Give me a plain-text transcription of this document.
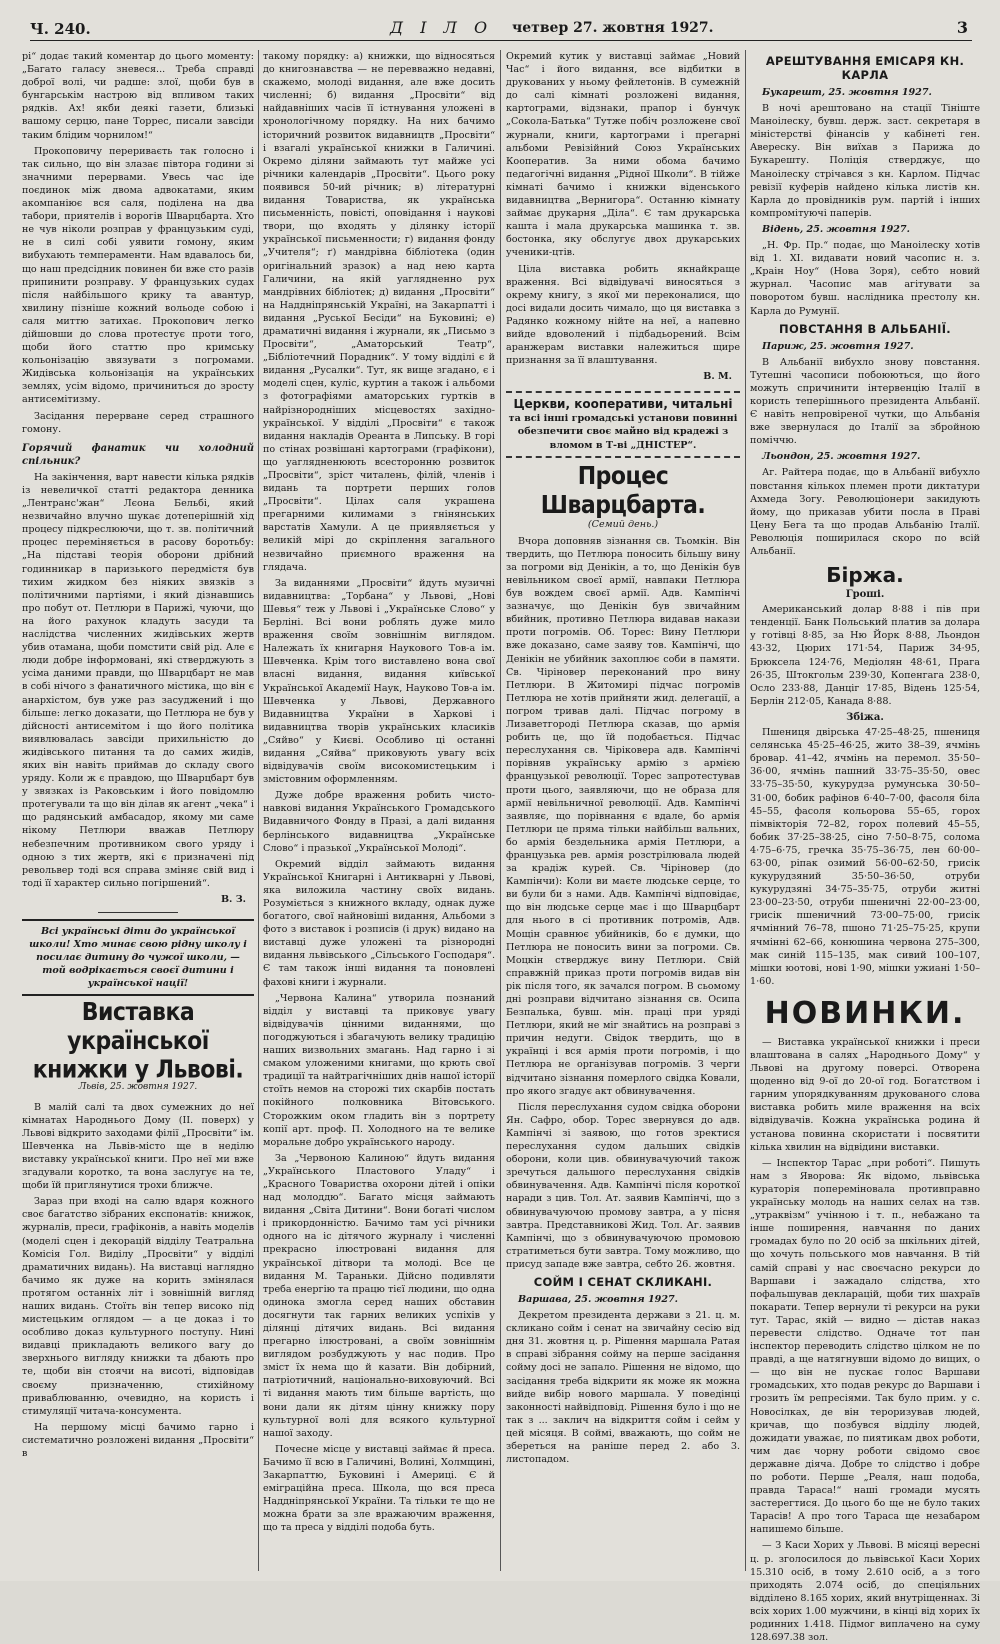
Ч. 240.	Д І Л О четвер 27. жовтня 1927.	3

рі“ додає такий коментар до цього моменту: „Багато галасу зневеся... Треба справді доброї волі, чи радше: злої, щоби був в бунгарськім настрою від впливом таких рядків. Ах! якби деякі газети, близькі вашому серцю, пане Торрес, писали завсіди таким блідим чорнилом!“

Прокоповичу перериваєть так голосно і так сильно, що він злазає півтора години зі значними перервами. Увесь час іде поєдинок між двома адвокатами, яким акомпаніює вся саля, поділена на два табори, приятелів і ворогів Шварцбарта. Хто не чув ніколи розправ у французьким суді, не в силі собі уявити гомону, яким вибухають темпераменти. Нам вдавалось би, що наш предсідник повинен би вже сто разів припинити розправу. У французьких судах після найбільшого крику та авантур, хвилину пізніше кожний вольоде собою і саля миттю затихає. Прокопович легко дійшовши до слова протестує проти того, щоби його статтю про кримську кольонізацію звязувати з погромами. Жидівська кольонізація на українських землях, усім відомо, причиниться до зросту антисемітизму.

Засідання перерване серед страшного гомону.

Горячий фанатик чи холодний спільник?

На закінчення, варт навести кілька рядків із невеличкої статті редактора денника „Лентранс'жан“ Лєона Бельбі, який незвичайно влучно шукає дотеперішній хід процесу підкреслюючи, що т. зв. політичний процес переміняється в расову боротьбу: „На підставі теорія оборони дрібний годинникар в паризького передмістя був тихим жидком без ніяких звязків з політичними партіями, і який дізнавшись про побут от. Петлюри в Парижі, чуючи, що на його рахунок кладуть засуди та наслідства численних жидівських жертв убив отамана, щоби помстити свій рід. Але є люди добре інформовані, які стверджують з усіма даними правди, що Шварцбарт не мав в собі нічого з фанатичного містика, що він є анархістом, був уже раз засуджений і що більше: легко доказати, що Петлюра не був у дійсності антисемітом і що його політика виявлювалась завсіди прихильністю до жидівського питання та до самих жидів, яких він навіть приймав до складу свого уряду. Коли ж є правдою, що Шварцбарт був у звязках із Раковським і його повідомлю протегували та що він ділав як агент „чека“ і що радянський амбасадор, якому ми саме нікому Петлюри вважав Петлюру небезпечним противником свого уряду і одною з тих жертв, які є призначені під револьвер тоді вся справа зміняє свій вид і тоді її характер сильно погіршений“.

В. З.
Всі українські діти до української школи! Хто минає свою рідну школу і посилає дитину до чужої школи, — той водрікається своєї дитини і української нації!
Виставка української книжки у Львові.
Львів, 25. жовтня 1927.

В малій салі та двох сумежних до неї кімнатах Народнього Дому (II. поверх) у Львові відкрито заходами філії „Просвіти“ ім. Шевченка на Львів-місто ще в неділю виставку української книги. Про неї ми вже згадували коротко, та вона заслугує на те, щоби їй приглянутися трохи ближче.

Зараз при вході на салю вдаря кожного своє багатство зібраних експонатів: книжок, журналів, преси, графіконів, а навіть моделів (моделі сцен і декорацій відділу Театральна Комісія Гол. Виділу „Просвіти“ у відділі драматичних видань). На виставці наглядно бачимо як дуже на корить змінялася протягом останніх літ і зовнішній вигляд наших видань. Стоїть він тепер високо під мистецьким оглядом — а це доказ і то особливо доказ культурного поступу. Нині видавці прикладають великого вагу до зверхнього вигляду книжки та дбають про те, щоби він стоячи на висоті, відповідав своєму призначенню, стихійному приваблюванню, очевидно, на користь і стимуляції читача-консумента.

На першому місці бачимо гарно і систематично розложені видання „Просвіти“ в

такому порядку: а) книжки, що відносяться до книгознавства — не перевважно недавні, скажемо, молоді видання, але вже досить численні; б) видання „Просвіти“ від найдавніших часів її істнування уложені в хронологічному порядку. На них бачимо історичний розвиток видавництв „Просвіти“ і взагалі української книжки в Галичині. Окремо діляни займають тут майже усі річники календарів „Просвіти“. Цього року появився 50-ий річник; в) літературні видання Товариства, як українська письменність, повісті, оповідання і наукові твори, що входять у ділянку історії української письменности; г) видання фонду „Учителя“; ґ) мандрівна бібліотека (один оригінальний зразок) а над нею карта Галичини, на якій уаглядненно рух мандрівних бібліотек; д) видання „Просвіти“ на Наддніпрянській Україні, на Закарпатті і видання „Руської Бесіди“ на Буковині; е) драматичні видання і журнали, як „Письмо з Просвіти“, „Аматорський Театр“, „Бібліотечний Порадник“. У тому відділі є й видання „Русалки“. Тут, як вище згадано, є і моделі сцен, куліс, куртин а також і альбоми з фотографіями аматорських гуртків в найрізнородніших місцевостях західно-української. У відділі „Просвіти“ є також видання накладів Ореанта в Липську. В горі по стінах розвішані картограми (графікони), що уаглядненюють всесторонню розвиток „Просвіти“, зріст читалень, філій, членів і видань та портрети перших голов „Просвіти“. Цілах саля украшена прегарними килимами з гнінянських варстатів Хамули. А це приявляється у великій мірі до скріплення загального незвичайно приємного враження на глядача.

За виданнями „Просвіти“ йдуть музичні видавництва: „Торбана“ у Львові, „Нові Шевья“ теж у Львові і „Українське Слово“ у Берліні. Всі вони роблять дуже мило враження своїм зовнішнім виглядом. Належать їх книгарня Наукового Тов-а ім. Шевченка. Крім того виставлено вона свої власні видання, видання київської Української Академії Наук, Науково Тов-а ім. Шевченка у Львові, Державного Видавництва України в Харкові і видавництва творів українських класиків „Сяйво“ у Києві. Особливо ці останні видання „Сяйва“ приковують увагу всіх відвідувачів своїм високомистецьким і змістовним оформленням.

Дуже добре враження робить чисто-навкові видання Українського Громадського Видавничого Фонду в Празі, а далі видання берлінського видавництва „Українське Слово“ і празької „Української Молоді“.

Окремий відділ займають видання Української Книгарні і Антикварні у Львові, яка виложила частину своїх видань. Розуміється з книжного вкладу, однак дуже богатого, свої найновіші видання, Альбоми з фото з виставок і розписів (і друк) видано на виставці дуже уложені та різнородні видання львівського „Сільського Господаря“. Є там також інші видання та поновлені фахові книги і журнали.

„Червона Калина“ утворила познаний відділ у виставці та приковує увагу відвідувачів цінними виданнями, що погоджуються і збагачують велику традицію наших визвольних змагань. Над гарно і зі смаком уложеними книгами, що крють свої традиції та найтрагічніших днів нашої історії стоїть немов на сторожі тих скарбів постать покійного полковника Вітовського. Сторожким оком гладить він з портрету копії арт. проф. П. Холодного на те велике моральне добро українського народу.

За „Червоною Калиною“ йдуть видання „Українського Пластового Уладу“ і „Красного Товариства охорони дітей і опіки над молоддю“. Багато місця займають видання „Світа Дитини“. Вони богаті числом і прикордонністю. Бачимо там усі річники одного на іс дітячого журналу і численні прекрасно ілюстровані видання для української дітвори та молоді. Все це видання М. Тараньки. Дійсно подивляти треба енергію та працю тієї людини, що одна одинока змогла серед наших обставин досягнути так гарних великих успіхів у ділянці дітячих видань. Всі видання прегарно ілюстровані, а своїм зовнішнім виглядом розбуджують у нас подив. Про зміст їх нема що й казати. Він добірний, патріотичний, національно-виховуючий. Всі ті видання мають тим більше вартість, що вони дали як дітям цінну книжку пору культурної волі для всякого культурної нашої заходу.

Почесне місце у виставці займає й преса. Бачимо її всю в Галичині, Волині, Холмщині, Закарпаттю, Буковині і Америці. Є й еміграційна преса. Школа, що вся преса Наддніпрянської України. Та тільки те що не можна брати за зле вражаючим враження, що та преса у відділі подоба буть.

Окремий кутик у виставці займає „Новий Час“ і його видання, все відбитки в друкованих у ньому фейлетонів. В сумежній до салі кімнаті розложені видання, картограми, відзнаки, прапор і бунчук „Сокола-Батька“ Тутже побіч розложене свої журнали, книги, картограми і прегарні альбоми Ревізійний Союз Українських Кооператив. За ними обома бачимо педагогічні видання „Рідної Школи“. В тійже кімнаті бачимо і книжки віденського видавництва „Вернигора“. Останню кімнату займає друкарня „Діла“. Є там друкарська каштa і мала друкарська машинка т. зв. бостонка, яку обслугує двох друкарських ученики-цтів.

Ціла виставка робить якнайкраще враження. Всі відвідувачі виносяться з окрему книгу, з якої ми переконалися, що досі видали досить чимало, що ця виставка з Радянко кожному нійте на неї, а напевно вийде вдоволений і підбадьорений. Всім аранжерам виставки належиться щире признання за її влаштування.

В. М.
Церкви, кооперативи, читальні
та всі інші громадські установи повинні обезпечити своє майно від крадежі з вломом в Т-ві „ДНІСТЕР“.
Процес Шварцбарта.
(Семий день.)

Вчора доповняв зізнання св. Тьомкін. Він твердить, що Петлюра поносить більшу вину за погроми від Денікін, а то, що Денікін був невільником своєї армії, навпаки Петлюра був вождем своєї армії. Адв. Кампінчі зазначує, що Денікін був звичайним вбийник, противно Петлюра видавав накази проти погромів. Об. Торес: Вину Петлюри вже доказано, саме заяву тов. Кампінчі, що Денікін не убийник захоплює соби в памяти. Св. Чіріновер переконаний про вину Петлюри. В Житомирі підчас погромів Петлюра не хотів прийняти жид. делегації, а погром тривав далі. Підчас погрому в Лизаветгороді Петлюра сказав, що армія робить це, що їй подобається. Підчас переслухання св. Чіріковера адв. Кампінчі порівняв українську армію з армією французької революції. Торес запротестував проти цього, заявляючи, що не образа для армії невільничної революції. Адв. Кампінчі заявляє, що порівнання є вдале, бо армія Петлюри це пряма тільки найбільш вальних, бо армія бездельника армія Петлюри, а французька рев. армія розстрілювала людей за крадіж курей. Св. Чіріновер (до Кампінчи): Коли ви маєте людське серце, то ви були би з нами. Адв. Кампінчі відповідає, що він людське серце має і що Шварцбарт для нього в сі противник потромів, Адв. Мощін сравнює убийників, бо є думки, що Петлюра не поносить вини за погроми. Св. Моцкін стверджує вину Петлюри. Свій справжній приказ проти погромів видав він рік після того, як зачался погром. В сьомому дні розправи відчитано зізнання св. Осипа Безпалька, бувш. мін. праці при уряді Петлюри, який не міг знайтись на розправі з причин недуги. Свідок твердить, що в українці і вся армія проти погромів, і що Петлюра не організував погромів. З черги відчитано зізнання померлого свідка Ковали, про якого згадує акт обвинувачення.

Після переслухання судом свідка оборони Ян. Сафро, обор. Торес звернувся до адв. Кампінчі зі заявою, що готов зректися переслухання судом дальших свідків оборони, коли цив. обвинувачуючий також зречуться дальшого переслухання свідків обвинувачення. Адв. Кампінчі після короткої наради з цив. Тол. Ат. заявив Кампінчі, що з обвинувачуючою промову завтра, а у пісня завтра. Представниковi Жид. Тол. Аг. заявив Кампінчі, що з обвинувачуючою промовою стратиметься бути завтра. Тому можливо, що присуд западе вже завтра, себто 26. жовтня.

СОЙМ І СЕНАТ СКЛИКАНІ.

Варшава, 25. жовтня 1927.

Декретом президента держави з 21. ц. м. скликано сойм і сенат на звичайну сесію від дня 31. жовтня ц. р. Рішення маршала Ратая в справі зібрання сойму на перше засідання сойму досі не запало. Рішення не відомо, що засідання треба відкрити як може як можна вийде вибір нового маршала. У поведінці законності найвідповід. Рішення було і що не так з ... заклич на відкриття сойм і сейм у цей місяця. В соймі, вважають, що сойм не збереться на раніше перед 2. або 3. листопадом.

АРЕШТУВАННЯ ЕМІСАРЯ КН. КАРЛА

Букарешт, 25. жовтня 1927.

В ночі арештовано на стації Тініште Маноілеску, бувш. держ. заст. секретаря в міністерстві фінансів у кабінеті ген. Авереску. Він виїхав з Парижа до Букарешту. Поліція стверджує, що Маноілеску стрічався з кн. Карлом. Підчас ревізії куферів найдено кілька листів кн. Карла до провідників рум. партій і інших компромітуючі паперів.

Відень, 25. жовтня 1927.

„Н. Фр. Пр.“ подає, що Маноілеску хотів від 1. XI. видавати новий часопис н. з. „Краін Ноу“ (Нова Зоря), себто новий журнал. Часопис мав агітувати за поворотом бувш. наслідника престолу кн. Карла до Румунії.

ПОВСТАННЯ В АЛЬБАНІЇ.

Париж, 25. жовтня 1927.

В Альбанії вибухло знову повстання. Тутешні часописи побоюються, що його можуть спричинити інтервенцію Італії в користь теперішнього президента Альбанії. Є навіть непровіреної чутки, що Альбанія вже звернулася до Італії за збройною поміччю.

Льондон, 25. жовтня 1927.

Аг. Райтера подає, що в Альбанії вибухло повстання кількох племен проти диктатури Ахмеда Зогу. Революціонери закидують йому, що приказав убити посла в Праві Цену Бега та що продав Альбанію Італії. Революція поширилася скоро по всій Альбанії.

Біржа.
Гроші.

Американський долар 8·88 і пів при тенденції. Банк Польський платив за долара у готівці 8·85, за Ню Йорк 8·88, Льондон 43·32, Цюрих 171·54, Париж 34·95, Брюксела 124·76, Медіолян 48·61, Прага 26·35, Штокгольм 239·30, Копенгага 238·0, Осло 233·88, Данціг 17·85, Відень 125·54, Берлін 212·05, Канада 8·88.

Збіжа.

Пшениця двірська 47·25–48·25, пшениця селянська 45·25–46·25, жито 38–39, ячмінь бровар. 41–42, ячмінь на перемол. 35·50–36·00, ячмінь пашний 33·75–35·50, овес 33·75–35·50, кукурудза румунська 30·50–31·00, бобик рафінов 6·40–7·00, фасоля біла 45–55, фасоля кольорова 55–65, горох пімвікторія 72–82, горох полевий 45–55, бобик 37·25–38·25, сіно 7·50–8·75, солома 4·75–6·75, гречка 35·75–36·75, лен 60·00–63·00, ріпак озимий 56·00–62·50, грисік кукурудзяний 35·50–36·50, отруби кукурудзяні 34·75–35·75, отруби житні 23·00–23·50, отруби пшеничні 22·00–23·00, грисік пшеничний 73·00–75·00, грисік ячмінний 76–78, пшонo 71·25–75·25, крупи ячмінні 62–66, конюшина червона 275–300, мак синій 115–135, мак сивий 100–107, мішки юотові, нові 1·90, мішки ужиані 1·50–1·60.

НОВИНКИ.

— Виставка української книжки і преси влаштована в салях „Народнього Дому“ у Львові на другому поверсі. Отворена щоденно від 9-ої до 20-ої год. Богатством і гарним упорядкуванням друкованого слова виставка робить миле враження на всіх відвідувачів. Кожна українська родина й установа повинна скористати і посвятити кілька хвилин на відвідини виставки.

— Інспектор Тарас „при роботі“. Пишуть нам з Яворова: Як відомо, львівська кураторія попереміновала противправно українську молодь на наших селах на тзв. „утраквізм“ учінною і т. п., небажано та інше поширення, навчання по даних громадах було по 20 осіб за шкільних дітей, що хочуть польського мов навчання. В тій самій справі у нас своєчасно рекурси до Варшави і зажадало слідства, хто пофальшував декларацій, щоби тих шахраїв покарати. Тепер вернули ті рекурси на руки тут. Тарас, якій — видно — дістав наказ перевести слідство. Одначе тот пан інспектор переводить слідство цілком не по правді, а ще натягнувши відомо до вищих, о — що він не пускає голос Варшави громадських, хто подав рекурс до Варшави і грозить їм репресіями. Так було прим. у с. Новосілках, де він тероризував людей, кричав, що позбувся відділу людей, дожидати уважає, по пиятикам двох роботи, чим дає чорну роботи свідомо своє державне діяча. Добре то слідство і добре по роботи. Перше „Реаля, наш подоба, правда Тараса!“ наші громади мусять застерегтися. До цього бо ще не було таких Тарасів! А про того Тараса ще незабаром напишемо більше.

— З Каси Хорих у Львові. В місяці вересні ц. р. зголосилося до львівської Каси Хорих 15.310 осіб, в тому 2.610 осіб, а з того приходять 2.074 осіб, до спеціяльних відділено 8.165 хорих, який внутріщеннах. Зі всіх хорих 1.00 мужчини, в кінці від хорих їх родинних 1.418. Підмог виплачено на суму 128.697.38 зол.
